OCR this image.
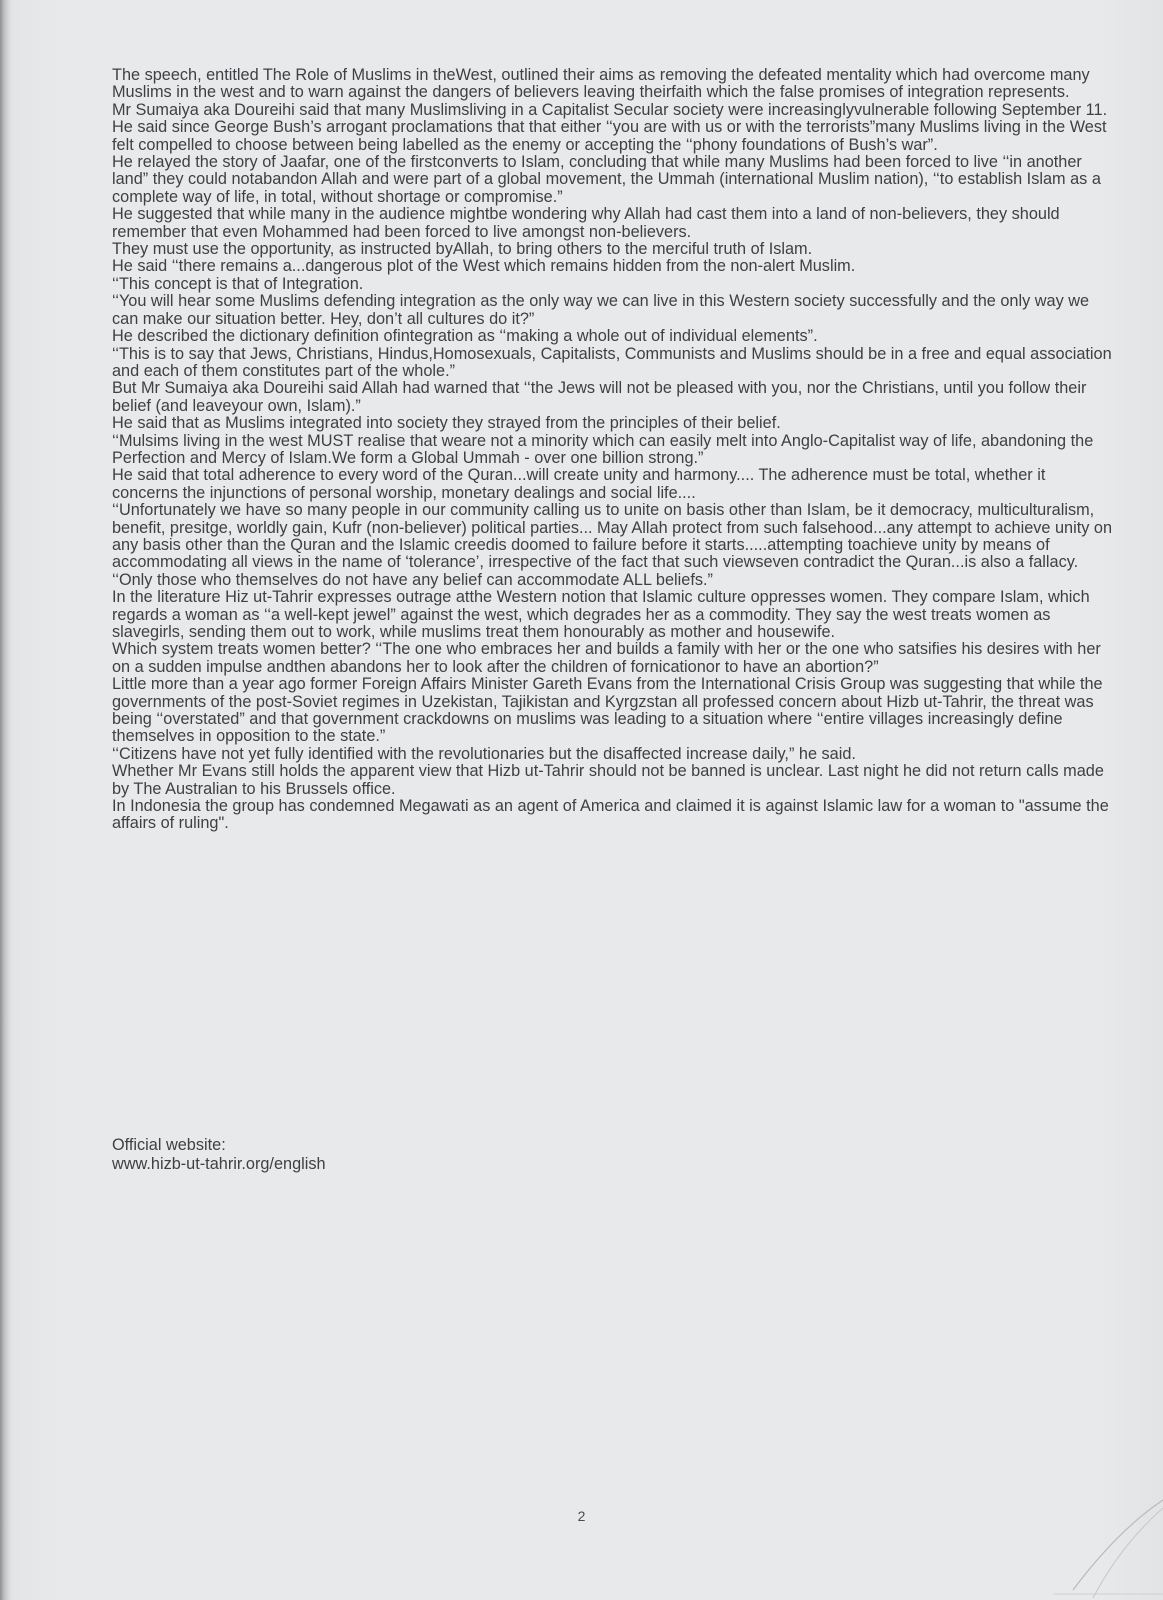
The speech, entitled The Role of Muslims in theWest, outlined their aims as removing the defeated mentality which had overcome many Muslims in the west and to warn against the dangers of believers leaving theirfaith which the false promises of integration represents.

Mr Sumaiya aka Doureihi said that many Muslimsliving in a Capitalist Secular society were increasinglyvulnerable following September 11.

He said since George Bush’s arrogant proclamations that that either ‘‘you are with us or with the terrorists”many Muslims living in the West felt compelled to choose between being labelled as the enemy or accepting the ‘‘phony foundations of Bush’s war”.

He relayed the story of Jaafar, one of the firstconverts to Islam, concluding that while many Muslims had been forced to live ‘‘in another land” they could notabandon Allah and were part of a global movement, the Ummah (international Muslim nation), ‘‘to establish Islam as a complete way of life, in total, without shortage or compromise.”

He suggested that while many in the audience mightbe wondering why Allah had cast them into a land of non-believers, they should remember that even Mohammed had been forced to live amongst non-believers.

They must use the opportunity, as instructed byAllah, to bring others to the merciful truth of Islam.

He said ‘‘there remains a...dangerous plot of the West which remains hidden from the non-alert Muslim.

‘‘This concept is that of Integration.

‘‘You will hear some Muslims defending integration as the only way we can live in this Western society successfully and the only way we can make our situation better. Hey, don’t all cultures do it?”

He described the dictionary definition ofintegration as ‘‘making a whole out of individual elements”.

‘‘This is to say that Jews, Christians, Hindus,Homosexuals, Capitalists, Communists and Muslims should be in a free and equal association and each of them constitutes part of the whole.”

But Mr Sumaiya aka Doureihi said Allah had warned that ‘‘the Jews will not be pleased with you, nor the Christians, until you follow their belief (and leaveyour own, Islam).”

He said that as Muslims integrated into society they strayed from the principles of their belief.

‘‘Mulsims living in the west MUST realise that weare not a minority which can easily melt into Anglo-Capitalist way of life, abandoning the Perfection and Mercy of Islam.We form a Global Ummah - over one billion strong.”

He said that total adherence to every word of the Quran...will create unity and harmony.... The adherence must be total, whether it concerns the injunctions of personal worship, monetary dealings and social life....

‘‘Unfortunately we have so many people in our community calling us to unite on basis other than Islam, be it democracy, multiculturalism, benefit, presitge, worldly gain, Kufr (non-believer) political parties... May Allah protect from such falsehood...any attempt to achieve unity on any basis other than the Quran and the Islamic creedis doomed to failure before it starts.....attempting toachieve unity by means of accommodating all views in the name of ‘tolerance’, irrespective of the fact that such viewseven contradict the Quran...is also a fallacy.

‘‘Only those who themselves do not have any belief can accommodate ALL beliefs.”

In the literature Hiz ut-Tahrir expresses outrage atthe Western notion that Islamic culture oppresses women. They compare Islam, which regards a woman as ‘‘a well-kept jewel” against the west, which degrades her as a commodity. They say the west treats women as slavegirls, sending them out to work, while muslims treat them honourably as mother and housewife.

Which system treats women better? ‘‘The one who embraces her and builds a family with her or the one who satsifies his desires with her on a sudden impulse andthen abandons her to look after the children of fornicationor to have an abortion?”

Little more than a year ago former Foreign Affairs Minister Gareth Evans from the International Crisis Group was suggesting that while the governments of the post-Soviet regimes in Uzekistan, Tajikistan and Kyrgzstan all professed concern about Hizb ut-Tahrir, the threat was being ‘‘overstated” and that government crackdowns on muslims was leading to a situation where ‘‘entire villages increasingly define themselves in opposition to the state.”

‘‘Citizens have not yet fully identified with the revolutionaries but the disaffected increase daily,” he said.

Whether Mr Evans still holds the apparent view that Hizb ut-Tahrir should not be banned is unclear. Last night he did not return calls made by The Australian to his Brussels office.

In Indonesia the group has condemned Megawati as an agent of America and claimed it is against Islamic law for a woman to "assume the affairs of ruling".

Official website:

www.hizb-ut-tahrir.org/english

2
